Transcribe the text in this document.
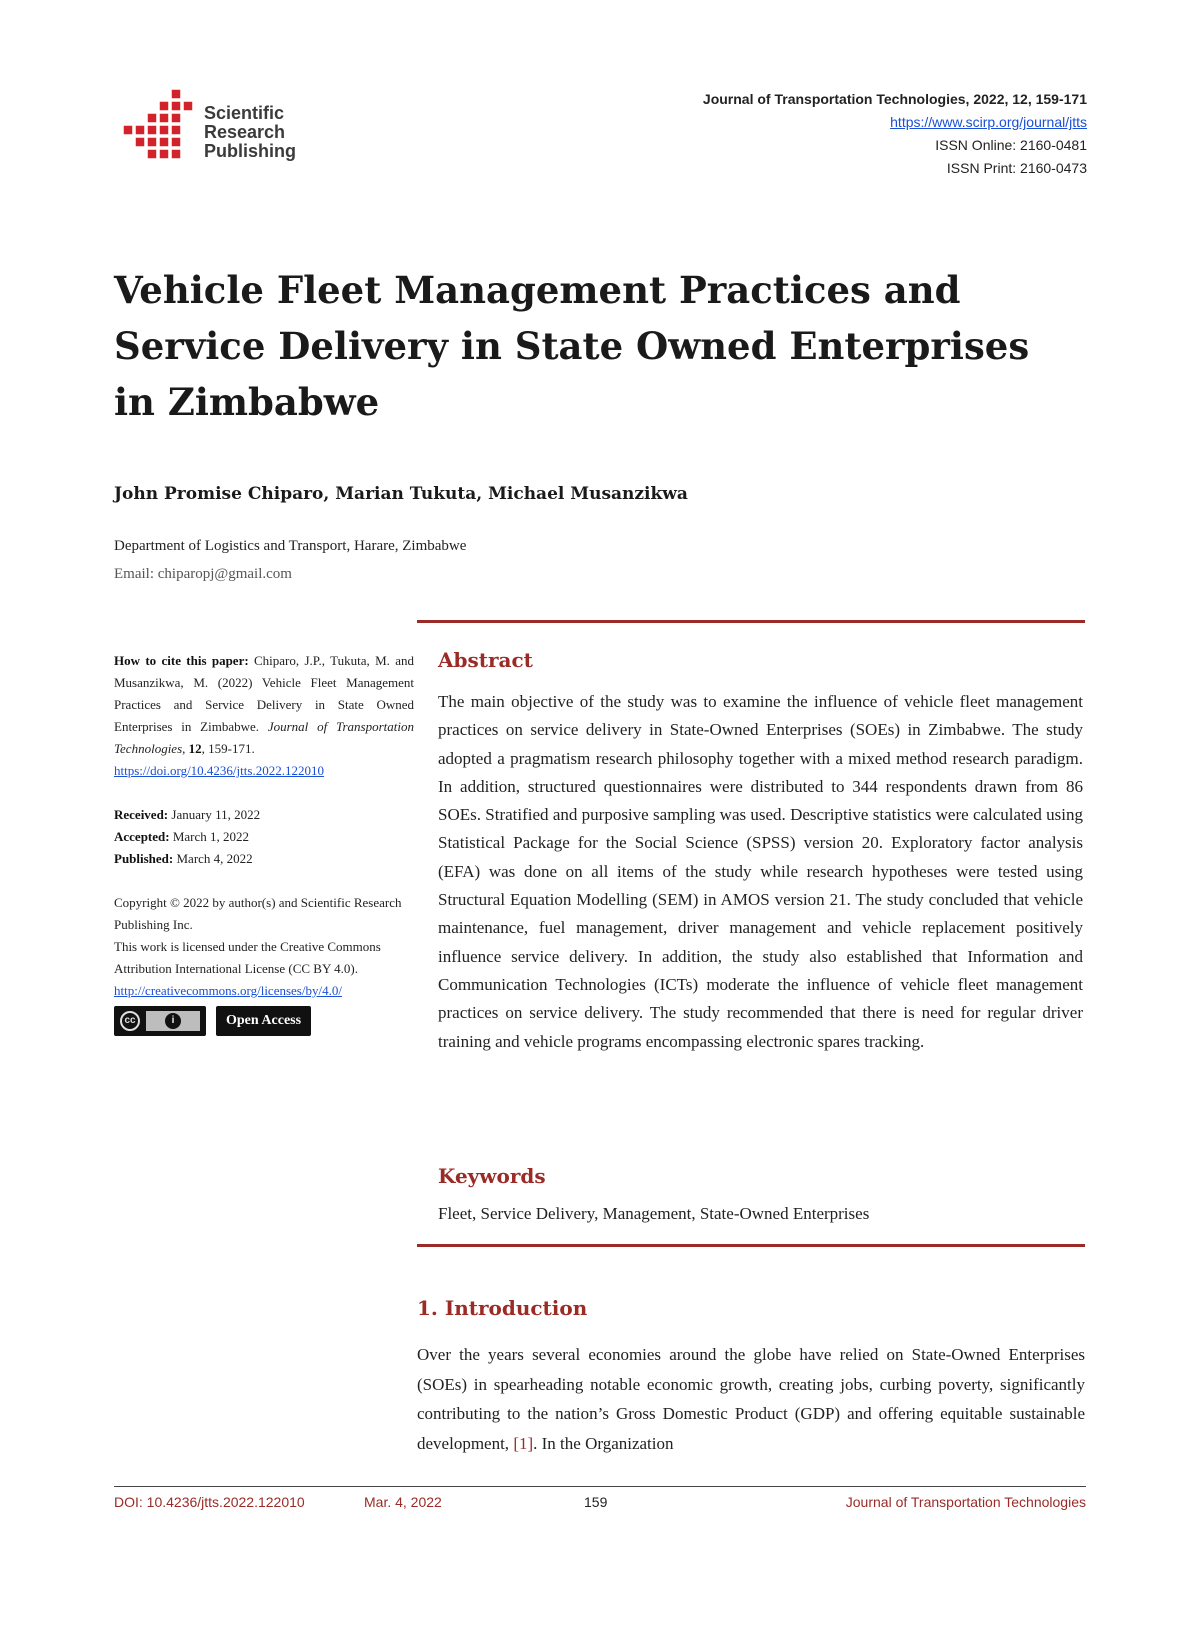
Scientific
Research
Publishing
Journal of Transportation Technologies, 2022, 12, 159-171
https://www.scirp.org/journal/jtts
ISSN Online: 2160-0481
ISSN Print: 2160-0473
Vehicle Fleet Management Practices and Service Delivery in State Owned Enterprises in Zimbabwe
John Promise Chiparo, Marian Tukuta, Michael Musanzikwa
Department of Logistics and Transport, Harare, Zimbabwe
Email: chiparopj@gmail.com
How to cite this paper: Chiparo, J.P., Tukuta, M. and Musanzikwa, M. (2022) Vehicle Fleet Management Practices and Service Delivery in State Owned Enterprises in Zimbabwe. Journal of Transportation Technologies, 12, 159-171.
https://doi.org/10.4236/jtts.2022.122010
Received: January 11, 2022
Accepted: March 1, 2022
Published: March 4, 2022
Copyright © 2022 by author(s) and Scientific Research Publishing Inc.
This work is licensed under the Creative Commons Attribution International License (CC BY 4.0).
http://creativecommons.org/licenses/by/4.0/
cc	i	Open Access
Abstract
The main objective of the study was to examine the influence of vehicle fleet management practices on service delivery in State-Owned Enterprises (SOEs) in Zimbabwe. The study adopted a pragmatism research philosophy together with a mixed method research paradigm. In addition, structured questionnaires were distributed to 344 respondents drawn from 86 SOEs. Stratified and purposive sampling was used. Descriptive statistics were calculated using Statistical Package for the Social Science (SPSS) version 20. Exploratory factor analysis (EFA) was done on all items of the study while research hypotheses were tested using Structural Equation Modelling (SEM) in AMOS version 21. The study concluded that vehicle maintenance, fuel management, driver management and vehicle replacement positively influence service delivery. In addition, the study also established that Information and Communication Technologies (ICTs) moderate the influence of vehicle fleet management practices on service delivery. The study recommended that there is need for regular driver training and vehicle programs encompassing electronic spares tracking.
Keywords
Fleet, Service Delivery, Management, State-Owned Enterprises
1. Introduction
Over the years several economies around the globe have relied on State-Owned Enterprises (SOEs) in spearheading notable economic growth, creating jobs, curbing poverty, significantly contributing to the nation’s Gross Domestic Product (GDP) and offering equitable sustainable development, [1]. In the Organization
DOI: 10.4236/jtts.2022.122010	Mar. 4, 2022	159	Journal of Transportation Technologies
